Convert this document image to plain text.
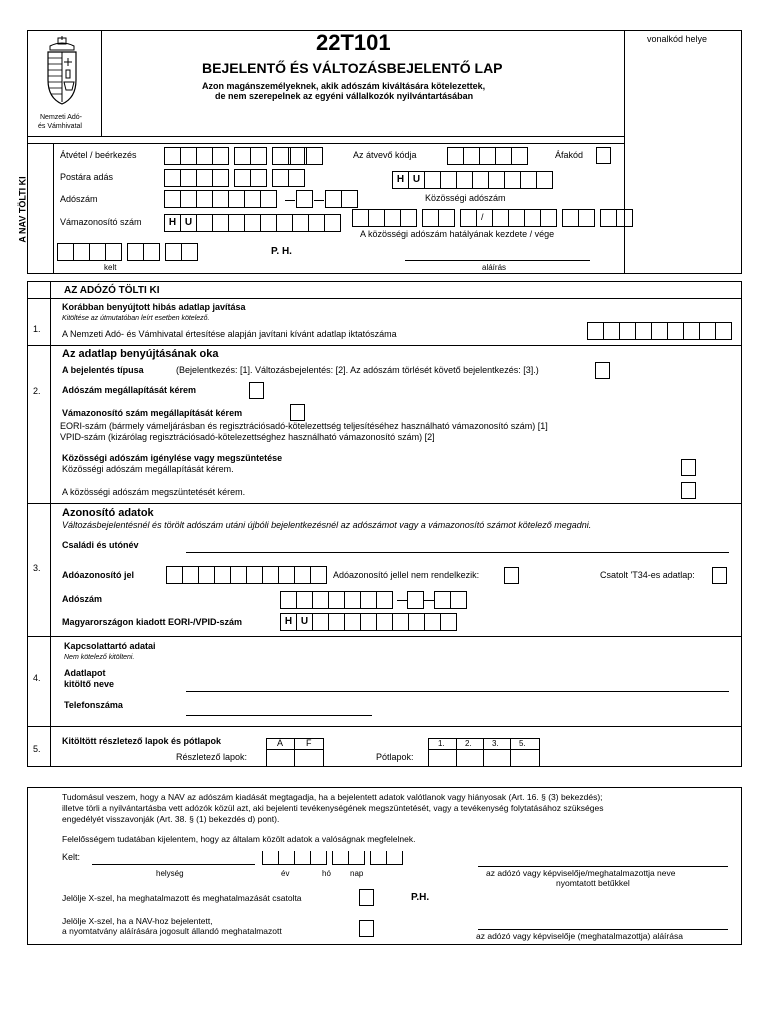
Nemzeti Adó-
és Vámhivatal
22T101
BEJELENTŐ ÉS VÁLTOZÁSBEJELENTŐ LAP
Azon magánszemélyeknek, akik adószám kiváltására kötelezettek,
de nem szerepelnek az egyéni vállalkozók nyilvántartásában
vonalkód helye
A NAV TÖLTI KI
Átvétel / beérkezés	Az átvevő kódja	Áfakód
Postára adás	H U
Adószám	Közösségi adószám
Vámazonosító szám	H U	/
A közösségi adószám hatályának kezdete / vége
kelt
P. H.
aláírás
AZ ADÓZÓ TÖLTI KI
1.
Korábban benyújtott hibás adatlap javítása
Kitöltése az útmutatóban leírt esetben kötelező.
A Nemzeti Adó- és Vámhivatal értesítése alapján javítani kívánt adatlap iktatószáma
2.
Az adatlap benyújtásának oka
A bejelentés típusa	(Bejelentkezés: [1]. Változásbejelentés: [2]. Az adószám törlését követő bejelentkezés: [3].)
Adószám megállapítását kérem
Vámazonosító szám megállapítását kérem
EORI-szám (bármely vámeljárásban és regisztrációsadó-kötelezettség teljesítéséhez használható vámazonosító szám) [1]
VPID-szám (kizárólag regisztrációsadó-kötelezettséghez használható vámazonosító szám) [2]
Közösségi adószám igénylése vagy megszüntetése
Közösségi adószám megállapítását kérem.
A közösségi adószám megszüntetését kérem.
3.
Azonosító adatok
Változásbejelentésnél és törölt adószám utáni újbóli bejelentkezésnél az adószámot vagy a vámazonosító számot kötelező megadni.
Családi és utónév
Adóazonosító jel	Adóazonosító jellel nem rendelkezik:	Csatolt 'T34-es adatlap:
Adószám
Magyarországon kiadott EORI-/VPID-szám	H U
4.
Kapcsolattartó adatai
Nem kötelező kitölteni.
Adatlapot
kitöltő neve
Telefonszáma
5.
Kitöltött részletező lapok és pótlapok
Részletező lapok:
A	F
Pótlapok:
1.	2.	3.	5.
Tudomásul veszem, hogy a NAV az adószám kiadását megtagadja, ha a bejelentett adatok valótlanok vagy hiányosak (Art. 16. § (3) bekezdés);
illetve törli a nyilvántartásba vett adózók közül azt, aki bejelenti tevékenységének megszüntetését, vagy a tevékenység folytatásához szükséges
engedélyét visszavonják (Art. 38. § (1) bekezdés d) pont).
Felelősségem tudatában kijelentem, hogy az általam közölt adatok a valóságnak megfelelnek.
Kelt:
helység	év	hó nap	az adózó vagy képviselője/meghatalmazottja neve
nyomtatott betűkkel
Jelölje X-szel, ha meghatalmazott és meghatalmazását csatolta	P.H.
Jelölje X-szel, ha a NAV-hoz bejelentett,
a nyomtatvány aláírására jogosult állandó meghatalmazott	az adózó vagy képviselője (meghatalmazottja) aláírása
